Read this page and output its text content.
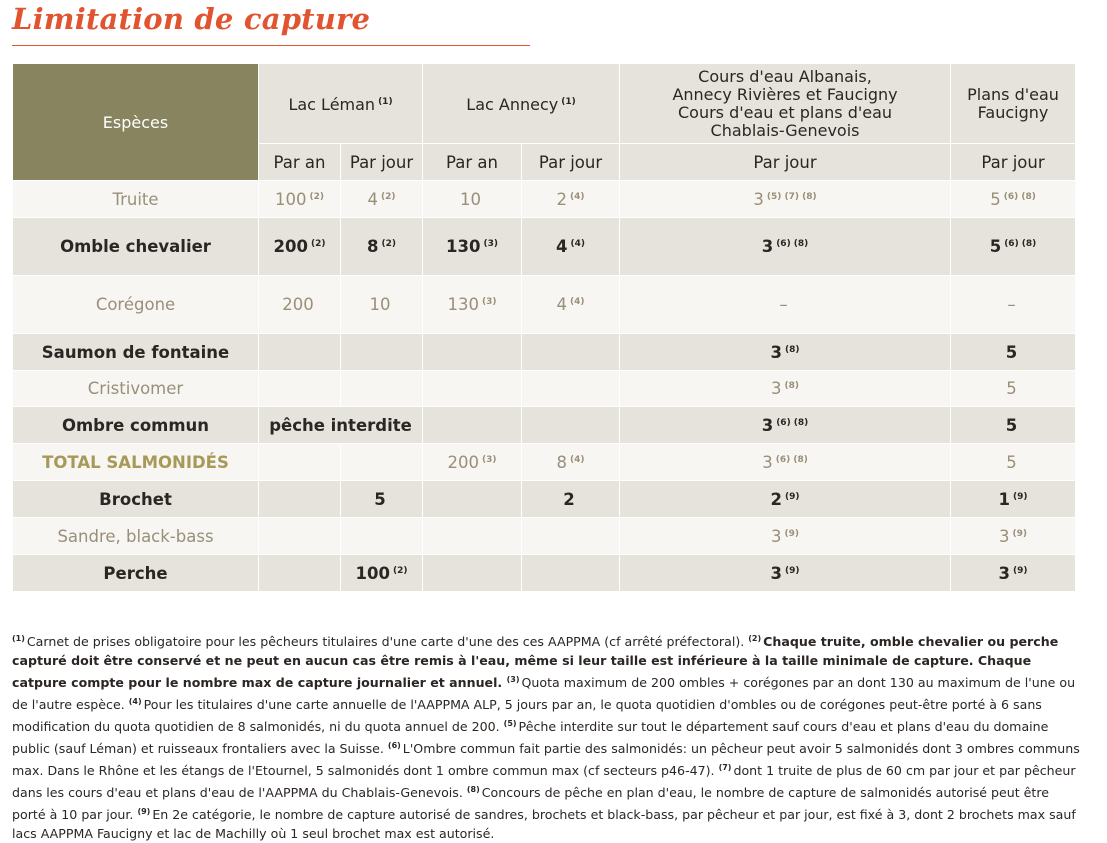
Limitation de capture
Espèces	Lac Léman $^{(1)}$		Lac Annecy $^{(1)}$		Cours d'eau Albanais, Annecy Rivières et Faucigny Cours d'eau et plans d'eau Chablais-Genevois	Plans d'eau Faucigny
	Par an	Par jour	Par an	Par jour	Par jour	Par jour
Truite	100 $^{(2)}$	4 $^{(2)}$	10	2 $^{(4)}$	3 $^{(5) (7) (8)}$	5 $^{(6) (8)}$
Omble chevalier	200 $^{(2)}$	8 $^{(2)}$	130 $^{(3)}$	4 $^{(4)}$	3 $^{(6) (8)}$	5 $^{(6) (8)}$
Corégone	200	10	130 $^{(3)}$	4 $^{(4)}$	–	–
Saumon de fontaine					3 $^{(8)}$	5
Cristivomer					3 $^{(8)}$	5
Ombre commun	pêche interdite				3 $^{(6) (8)}$	5
TOTAL SALMONIDÉS			200 $^{(3)}$	8 $^{(4)}$	3 $^{(6) (8)}$	5
Brochet		5		2	2 $^{(9)}$	1 $^{(9)}$
Sandre, black-bass					3 $^{(9)}$	3 $^{(9)}$
Perche		100 $^{(2)}$			3 $^{(9)}$	3 $^{(9)}$

$^{(1)}$ Carnet de prises obligatoire pour les pêcheurs titulaires d'une carte d'une des ces AAPPMA (cf arrêté préfectoral). $^{(2)}$ Chaque truite, omble chevalier ou perche capturé doit être conservé et ne peut en aucun cas être remis à l'eau, même si leur taille est inférieure à la taille minimale de capture. Chaque catpure compte pour le nombre max de capture journalier et annuel. $^{(3)}$ Quota maximum de 200 ombles + corégones par an dont 130 au maximum de l'une ou de l'autre espèce. $^{(4)}$ Pour les titulaires d'une carte annuelle de l'AAPPMA ALP, 5 jours par an, le quota quotidien d'ombles ou de corégones peut-être porté à 6 sans modification du quota quotidien de 8 salmonidés, ni du quota annuel de 200. $^{(5)}$ Pêche interdite sur tout le département sauf cours d'eau et plans d'eau du domaine public (sauf Léman) et ruisseaux frontaliers avec la Suisse. $^{(6)}$ L'Ombre commun fait partie des salmonidés: un pêcheur peut avoir 5 salmonidés dont 3 ombres communs max. Dans le Rhône et les étangs de l'Etournel, 5 salmonidés dont 1 ombre commun max (cf secteurs p46-47). $^{(7)}$ dont 1 truite de plus de 60 cm par jour et par pêcheur dans les cours d'eau et plans d'eau de l'AAPPMA du Chablais-Genevois. $^{(8)}$ Concours de pêche en plan d'eau, le nombre de capture de salmonidés autorisé peut être porté à 10 par jour. $^{(9)}$ En 2e catégorie, le nombre de capture autorisé de sandres, brochets et black-bass, par pêcheur et par jour, est fixé à 3, dont 2 brochets max sauf lacs AAPPMA Faucigny et lac de Machilly où 1 seul brochet max est autorisé.
